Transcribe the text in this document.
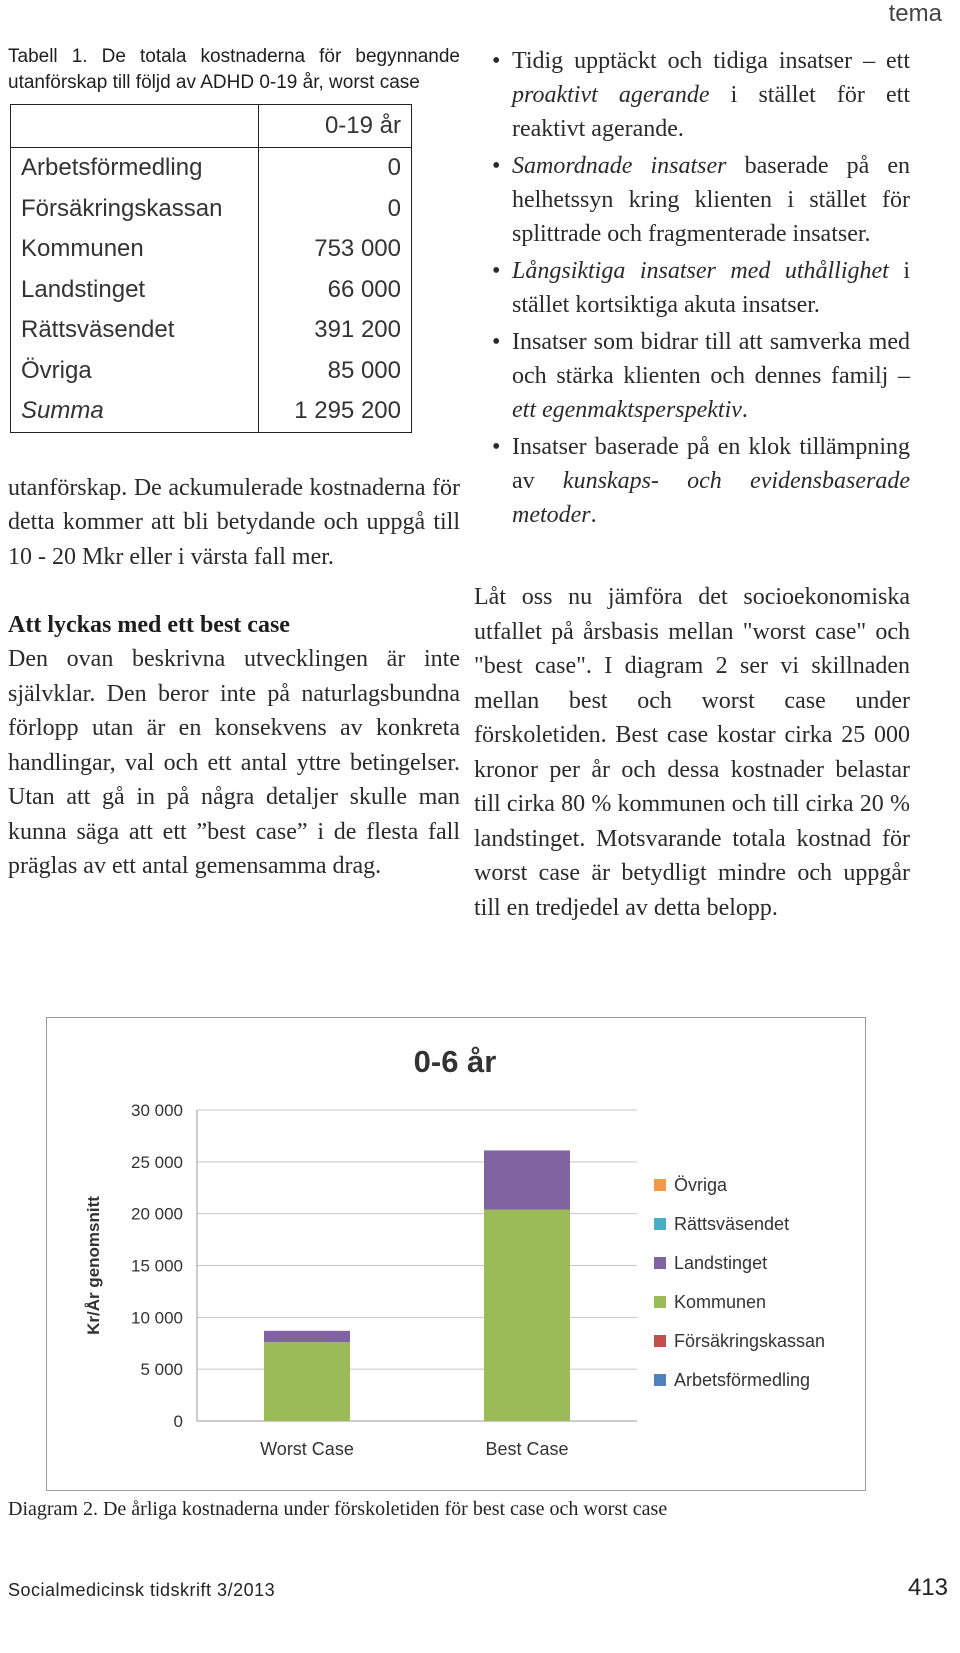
tema

Tabell 1. De totala kostnaderna för begynnande utanförskap till följd av ADHD 0-19 år, worst case

	0-19 år
Arbetsförmedling	0
Försäkringskassan	0
Kommunen	753 000
Landstinget	66 000
Rättsväsendet	391 200
Övriga	85 000
Summa	1 295 200

utanförskap. De ackumulerade kostnaderna för detta kommer att bli betydande och uppgå till 10 - 20 Mkr eller i värsta fall mer.

Att lyckas med ett best case

Den ovan beskrivna utvecklingen är inte självklar. Den beror inte på naturlagsbundna förlopp utan är en konsekvens av konkreta handlingar, val och ett antal yttre betingelser. Utan att gå in på några detaljer skulle man kunna säga att ett ”best case” i de flesta fall präglas av ett antal gemensamma drag.

• Tidig upptäckt och tidiga insatser – ett proaktivt agerande i stället för ett reaktivt agerande.
• Samordnade insatser baserade på en helhetssyn kring klienten i stället för splittrade och fragmenterade insatser.
• Långsiktiga insatser med uthållighet i stället kortsiktiga akuta insatser.
• Insatser som bidrar till att samverka med och stärka klienten och dennes familj – ett egenmaktsperspektiv.
• Insatser baserade på en klok tillämpning av kunskaps- och evidensbaserade metoder.

Låt oss nu jämföra det socioekonomiska utfallet på årsbasis mellan "worst case" och "best case". I diagram 2 ser vi skillnaden mellan best och worst case under förskoletiden. Best case kostar cirka 25 000 kronor per år och dessa kostnader belastar till cirka 80 % kommunen och till cirka 20 % landstinget. Motsvarande totala kostnad för worst case är betydligt mindre och uppgår till en tredjedel av detta belopp.

0-6 år
0
5 000
10 000
15 000
20 000
25 000
30 000
Kr/År genomsnitt
Worst Case	Best Case
Övriga
Rättsväsendet
Landstinget
Kommunen
Försäkringskassan
Arbetsförmedling
Diagram 2. De årliga kostnaderna under förskoletiden för best case och worst case
Socialmedicinsk tidskrift 3/2013	413
